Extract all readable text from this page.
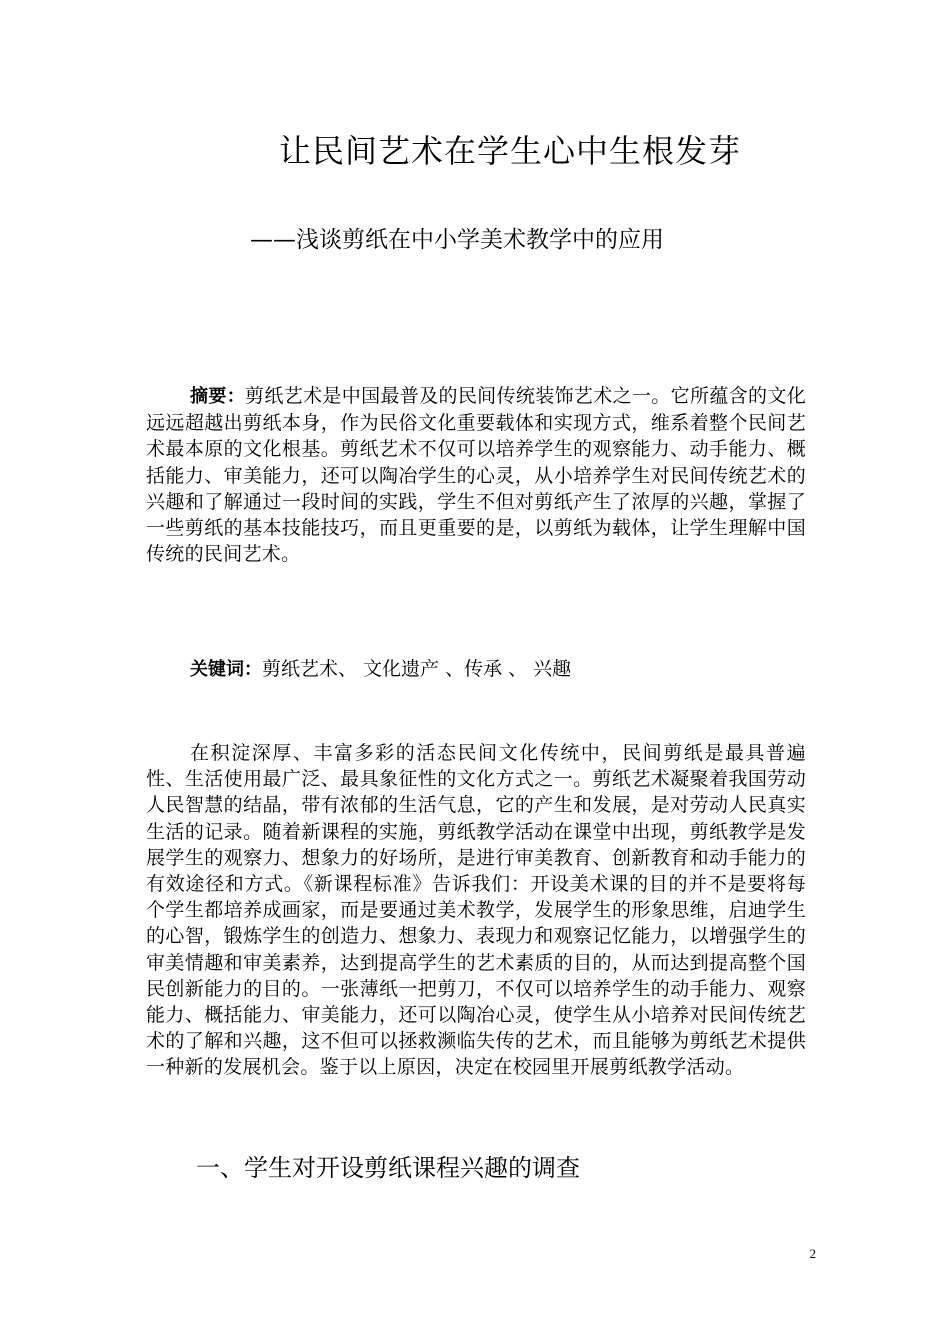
让民间艺术在学生心中生根发芽
——浅谈剪纸在中小学美术教学中的应用

摘要：剪纸艺术是中国最普及的民间传统装饰艺术之一。它所蕴含的文化远远超越出剪纸本身，作为民俗文化重要载体和实现方式，维系着整个民间艺术最本原的文化根基。剪纸艺术不仅可以培养学生的观察能力、动手能力、概括能力、审美能力，还可以陶冶学生的心灵，从小培养学生对民间传统艺术的兴趣和了解通过一段时间的实践，学生不但对剪纸产生了浓厚的兴趣，掌握了一些剪纸的基本技能技巧，而且更重要的是，以剪纸为载体，让学生理解中国传统的民间艺术。

关键词：剪纸艺术、 文化遗产 、传承 、 兴趣

在积淀深厚、丰富多彩的活态民间文化传统中，民间剪纸是最具普遍性、生活使用最广泛、最具象征性的文化方式之一。剪纸艺术凝聚着我国劳动人民智慧的结晶，带有浓郁的生活气息，它的产生和发展，是对劳动人民真实生活的记录。随着新课程的实施，剪纸教学活动在课堂中出现，剪纸教学是发展学生的观察力、想象力的好场所，是进行审美教育、创新教育和动手能力的有效途径和方式。《新课程标准》告诉我们：开设美术课的目的并不是要将每个学生都培养成画家，而是要通过美术教学，发展学生的形象思维，启迪学生的心智，锻炼学生的创造力、想象力、表现力和观察记忆能力，以增强学生的审美情趣和审美素养，达到提高学生的艺术素质的目的，从而达到提高整个国民创新能力的目的。一张薄纸一把剪刀，不仅可以培养学生的动手能力、观察能力、概括能力、审美能力，还可以陶冶心灵，使学生从小培养对民间传统艺术的了解和兴趣，这不但可以拯救濒临失传的艺术，而且能够为剪纸艺术提供一种新的发展机会。鉴于以上原因，决定在校园里开展剪纸教学活动。

一、学生对开设剪纸课程兴趣的调查
2
